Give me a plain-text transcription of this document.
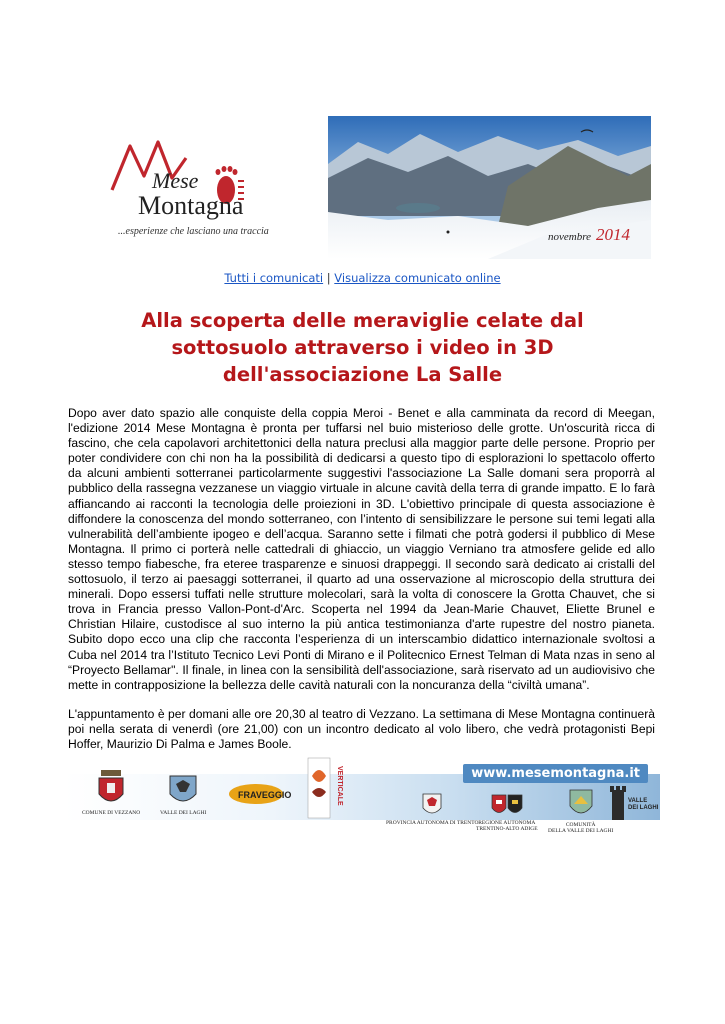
Mese
Montagna
...esperienze che lasciano una traccia	novembre 2014
Tutti i comunicati | Visualizza comunicato online
Alla scoperta delle meraviglie celate dal
sottosuolo attraverso i video in 3D
dell'associazione La Salle

Dopo aver dato spazio alle conquiste della coppia Meroi - Benet e alla camminata da record di Meegan, l'edizione 2014 Mese Montagna è pronta per tuffarsi nel buio misterioso delle grotte. Un'oscurità ricca di fascino, che cela capolavori architettonici della natura preclusi alla maggior parte delle persone. Proprio per poter condividere con chi non ha la possibilità di dedicarsi a questo tipo di esplorazioni lo spettacolo offerto da alcuni ambienti sotterranei particolarmente suggestivi l'associazione La Salle domani sera proporrà al pubblico della rassegna vezzanese un viaggio virtuale in alcune cavità della terra di grande impatto. E lo farà affiancando ai racconti la tecnologia delle proiezioni in 3D. L'obiettivo principale di questa associazione è diffondere la conoscenza del mondo sotterraneo, con l’intento di sensibilizzare le persone sui temi legati alla vulnerabilità dell’ambiente ipogeo e dell’acqua. Saranno sette i filmati che potrà godersi il pubblico di Mese Montagna. Il primo ci porterà nelle cattedrali di ghiaccio, un viaggio Verniano tra atmosfere gelide ed allo stesso tempo fiabesche, fra eteree trasparenze e sinuosi drappeggi. Il secondo sarà dedicato ai cristalli del sottosuolo, il terzo ai paesaggi sotterranei, il quarto ad una osservazione al microscopio della struttura dei minerali. Dopo essersi tuffati nelle strutture molecolari, sarà la volta di conoscere la Grotta Chauvet, che si trova in Francia presso Vallon-Pont-d'Arc. Scoperta nel 1994 da Jean-Marie Chauvet, Eliette Brunel e Christian Hilaire, custodisce al suo interno la più antica testimonianza d'arte rupestre del nostro pianeta. Subito dopo ecco una clip che racconta l’esperienza di un interscambio didattico internazionale svoltosi a Cuba nel 2014 tra l’Istituto Tecnico Levi Ponti di Mirano e il Politecnico Ernest Telman di Mata nzas in seno al “Proyecto Bellamar". Il finale, in linea con la sensibilità dell'associazione, sarà riservato ad un audiovisivo che mette in contrapposizione la bellezza delle cavità naturali con la noncuranza della “civiltà umana”.

L'appuntamento è per domani alle ore 20,30 al teatro di Vezzano. La settimana di Mese Montagna continuerà poi nella serata di venerdì (ore 21,00) con un incontro dedicato al volo libero, che vedrà protagonisti Bepi Hoffer, Maurizio Di Palma e James Boole.

www.mesemontagna.it
COMUNE DI VEZZANO	VALLE DEI LAGHI
FRAVEGGIO	VERTICALE
PROVINCIA AUTONOMA DI TRENTO REGIONE AUTONOMA
TRENTINO-ALTO ADIGE
COMUNITÀ
DELLA VALLE DEI LAGHI
VALLE
DEI LAGHI
